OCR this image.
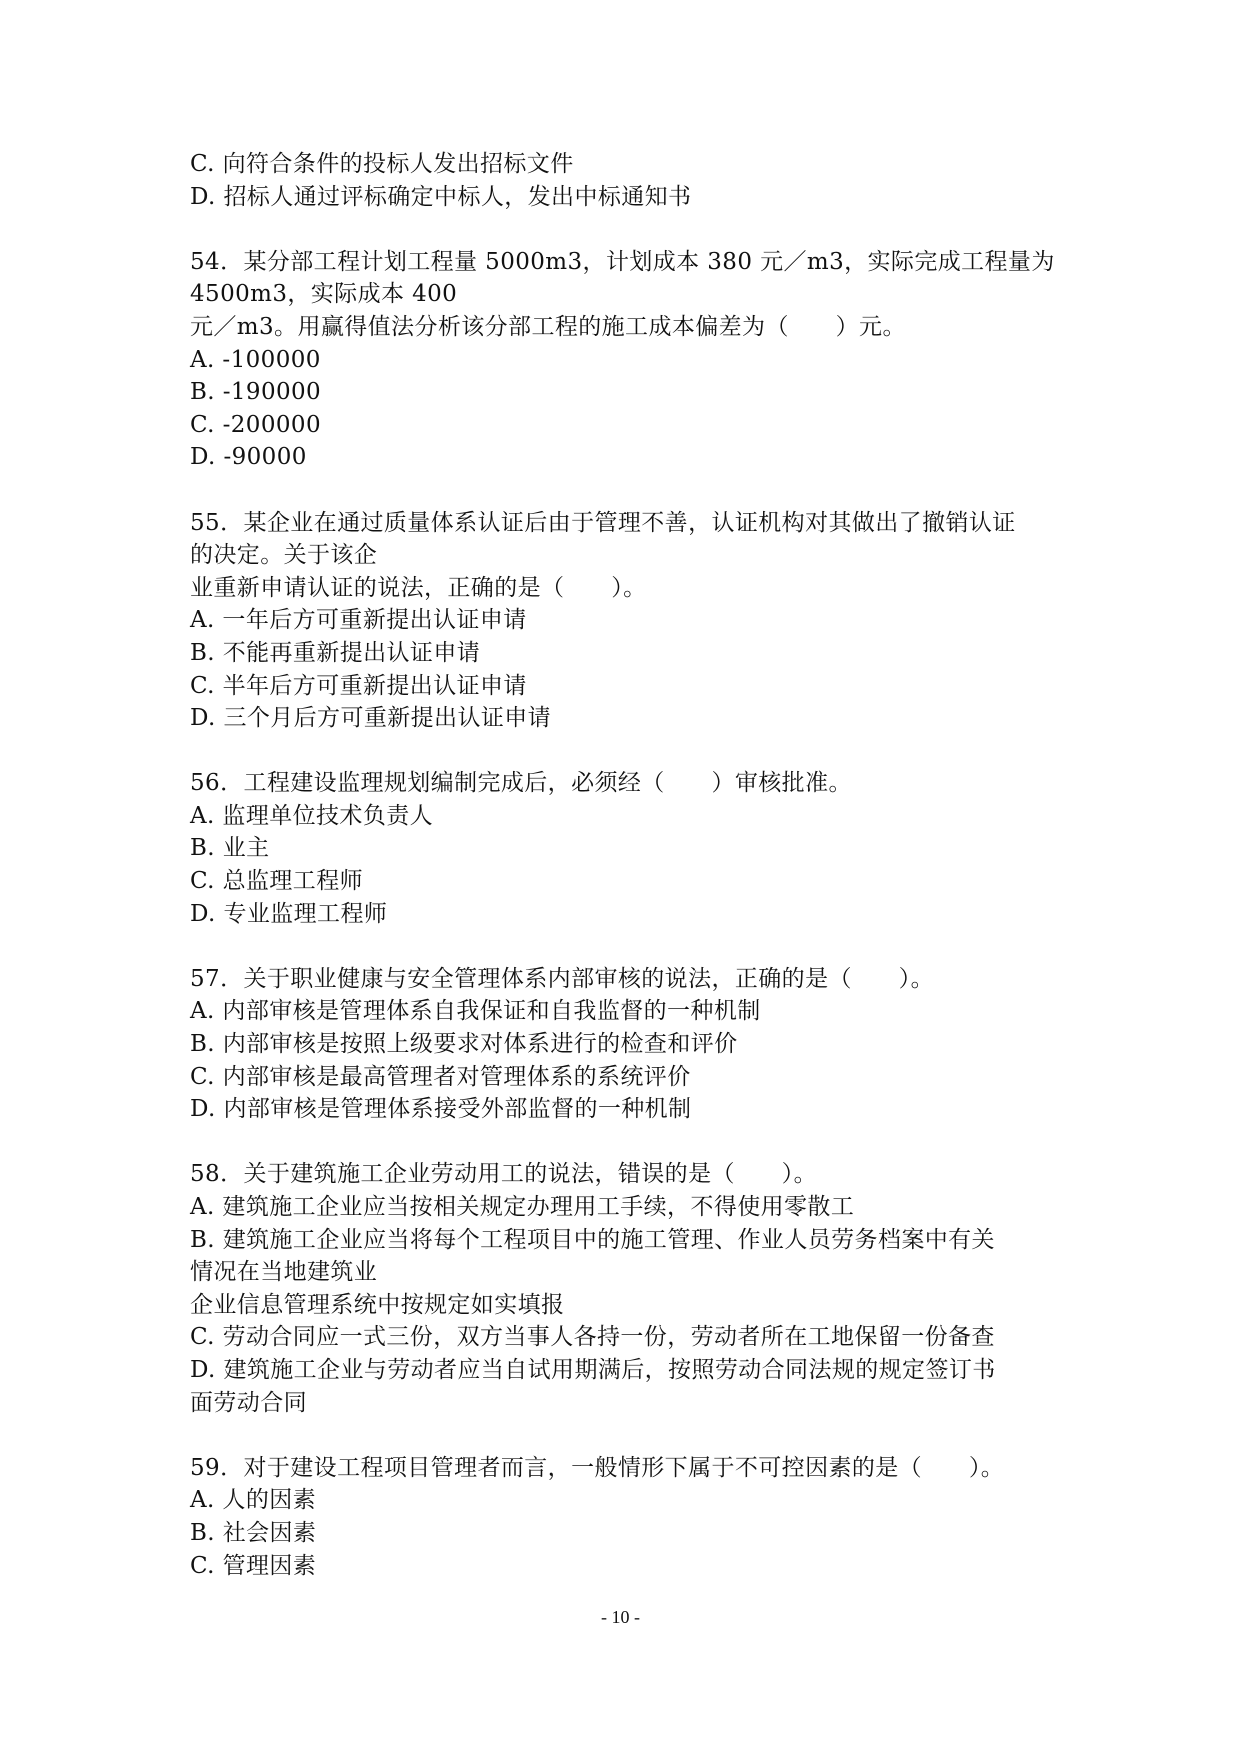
C. 向符合条件的投标人发出招标文件
D. 招标人通过评标确定中标人，发出中标通知书
54．某分部工程计划工程量 5000m3，计划成本 380 元／m3，实际完成工程量为
4500m3，实际成本 400
元／m3。用赢得值法分析该分部工程的施工成本偏差为（　　）元。
A. -100000
B. -190000
C. -200000
D. -90000
55．某企业在通过质量体系认证后由于管理不善，认证机构对其做出了撤销认证
的决定。关于该企
业重新申请认证的说法，正确的是（　　）。
A. 一年后方可重新提出认证申请
B. 不能再重新提出认证申请
C. 半年后方可重新提出认证申请
D. 三个月后方可重新提出认证申请
56．工程建设监理规划编制完成后，必须经（　　）审核批准。
A. 监理单位技术负责人
B. 业主
C. 总监理工程师
D. 专业监理工程师
57．关于职业健康与安全管理体系内部审核的说法，正确的是（　　）。
A. 内部审核是管理体系自我保证和自我监督的一种机制
B. 内部审核是按照上级要求对体系进行的检查和评价
C. 内部审核是最高管理者对管理体系的系统评价
D. 内部审核是管理体系接受外部监督的一种机制
58．关于建筑施工企业劳动用工的说法，错误的是（　　）。
A. 建筑施工企业应当按相关规定办理用工手续，不得使用零散工
B. 建筑施工企业应当将每个工程项目中的施工管理、作业人员劳务档案中有关
情况在当地建筑业
企业信息管理系统中按规定如实填报
C. 劳动合同应一式三份，双方当事人各持一份，劳动者所在工地保留一份备查
D. 建筑施工企业与劳动者应当自试用期满后，按照劳动合同法规的规定签订书
面劳动合同
59．对于建设工程项目管理者而言，一般情形下属于不可控因素的是（　　）。
A. 人的因素
B. 社会因素
C. 管理因素
- 10 -
